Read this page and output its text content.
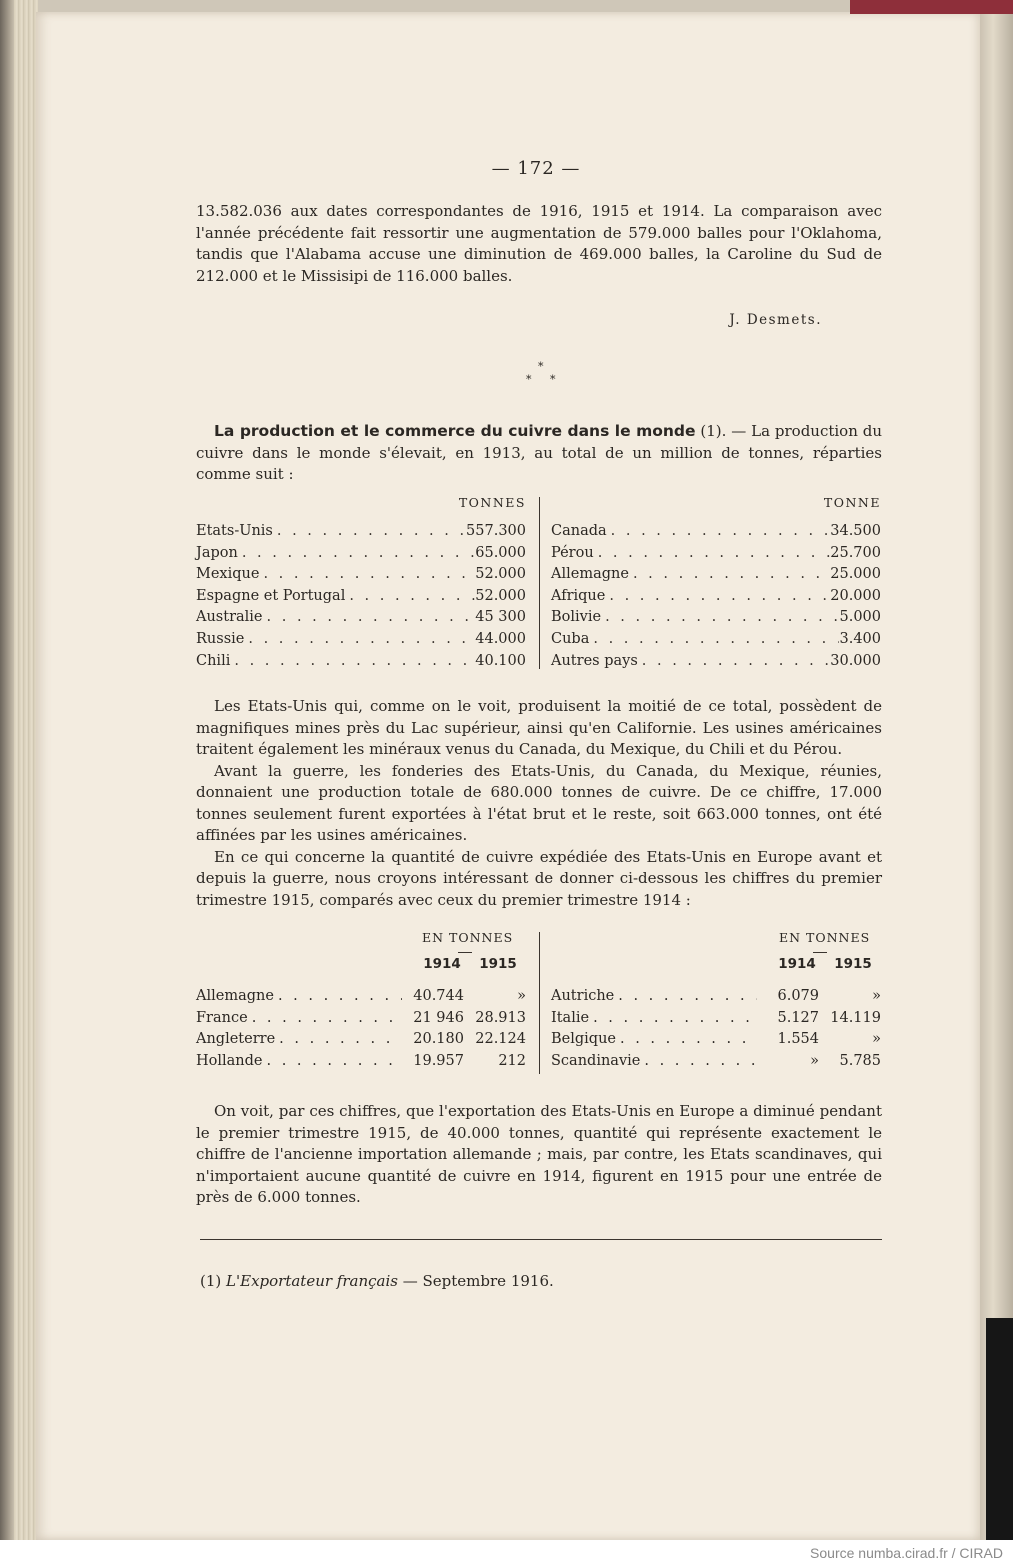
— 172 —

13.582.036 aux dates correspondantes de 1916, 1915 et 1914. La comparaison avec l'année précédente fait ressortir une augmentation de 579.000 balles pour l'Oklahoma, tandis que l'Alabama accuse une diminution de 469.000 balles, la Caroline du Sud de 212.000 et le Missisipi de 116.000 balles.

J. Desmets.
*
* *

La production et le commerce du cuivre dans le monde (1). — La production du cuivre dans le monde s'élevait, en 1913, au total de un million de tonnes, réparties comme suit :

TONNES
Etats-Unis . . .	557.300
Japon . . .	65.000
Mexique . . .	52.000
Espagne et Portugal . . .	52.000
Australie . . .	45 300
Russie . . .	44.000
Chili . . .	40.100
TONNE
Canada . . .	34.500
Pérou . . .	25.700
Allemagne . . .	25.000
Afrique . . .	20.000
Bolivie . . .	5.000
Cuba . . .	3.400
Autres pays . . .	30.000

Les Etats-Unis qui, comme on le voit, produisent la moitié de ce total, possèdent de magnifiques mines près du Lac supérieur, ainsi qu'en Californie. Les usines américaines traitent également les minéraux venus du Canada, du Mexique, du Chili et du Pérou.

Avant la guerre, les fonderies des Etats-Unis, du Canada, du Mexique, réunies, donnaient une production totale de 680.000 tonnes de cuivre. De ce chiffre, 17.000 tonnes seulement furent exportées à l'état brut et le reste, soit 663.000 tonnes, ont été affinées par les usines américaines.

En ce qui concerne la quantité de cuivre expédiée des Etats-Unis en Europe avant et depuis la guerre, nous croyons intéressant de donner ci-dessous les chiffres du premier trimestre 1915, comparés avec ceux du premier trimestre 1914 :

EN TONNES
1914	1915
Allemagne . . .	40.744	»
France . . .	21 946 28.913
Angleterre . . .	20.180 22.124
Hollande . . .	19.957	212
EN TONNES
1914	1915
Autriche . . .	6.079	»
Italie . . .	5.127 14.119
Belgique . . .	1.554	»
Scandinavie . . .	»	5.785

On voit, par ces chiffres, que l'exportation des Etats-Unis en Europe a diminué pendant le premier trimestre 1915, de 40.000 tonnes, quantité qui représente exactement le chiffre de l'ancienne importation allemande ; mais, par contre, les Etats scandinaves, qui n'importaient aucune quantité de cuivre en 1914, figurent en 1915 pour une entrée de près de 6.000 tonnes.

(1) L'Exportateur français — Septembre 1916.
Source numba.cirad.fr / CIRAD
